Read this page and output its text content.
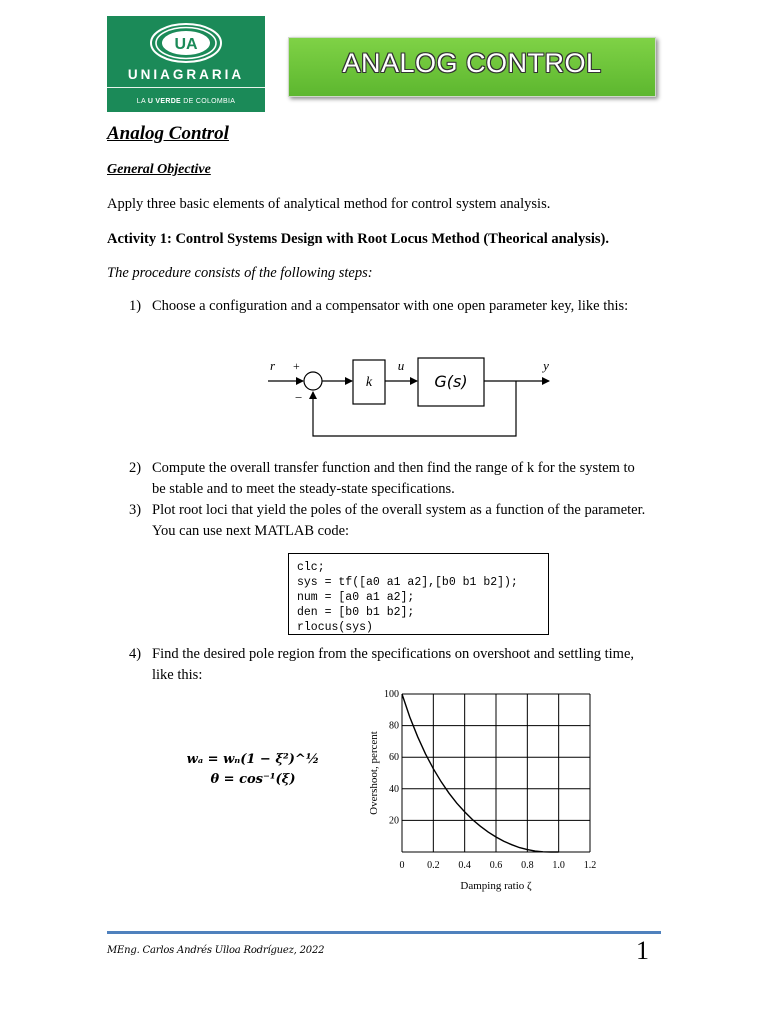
UA
UNIAGRARIA
LA U VERDE DE COLOMBIA
ANALOG CONTROL
Analog Control
General Objective
Apply three basic elements of analytical method for control system analysis.
Activity 1: Control Systems Design with Root Locus Method (Theorical analysis).
The procedure consists of the following steps:
1) Choose a configuration and a compensator with one open parameter key, like this:
r +
−
k
u
G(s)
y
2) Compute the overall transfer function and then find the range of k for the system to
be stable and to meet the steady-state specifications.
3) Plot root loci that yield the poles of the overall system as a function of the parameter.
You can use next MATLAB code:
clc;
sys = tf([a0 a1 a2],[b0 b1 b2]);
num = [a0 a1 a2];
den = [b0 b1 b2];
rlocus(sys)
4) Find the desired pole region from the specifications on overshoot and settling time,
like this:
wₐ = wₙ(1 − ξ²)^½
θ = cos⁻¹(ξ)
0 0.2 0.4 0.6 0.8 1.0 1.2
20
40
60
80
100
Damping ratio ζ
Overshoot, percent
MEng. Carlos Andrés Ulloa Rodríguez, 2022	1
